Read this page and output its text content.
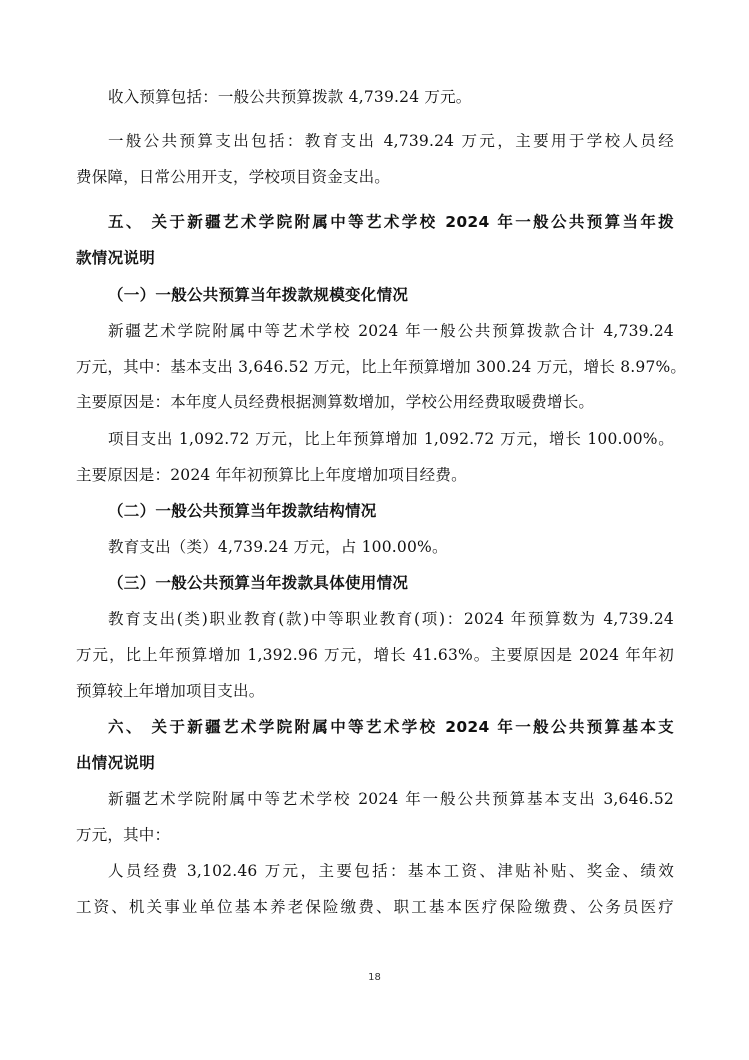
收入预算包括：一般公共预算拨款 4,739.24 万元。
一般公共预算支出包括：教育支出 4,739.24 万元，主要用于学校人员经
费保障，日常公用开支，学校项目资金支出。
五、 关于新疆艺术学院附属中等艺术学校 2024 年一般公共预算当年拨
款情况说明
（一）一般公共预算当年拨款规模变化情况
新疆艺术学院附属中等艺术学校 2024 年一般公共预算拨款合计 4,739.24
万元，其中：基本支出 3,646.52 万元，比上年预算增加 300.24 万元，增长 8.97%。
主要原因是：本年度人员经费根据测算数增加，学校公用经费取暖费增长。
项目支出 1,092.72 万元，比上年预算增加 1,092.72 万元，增长 100.00%。
主要原因是：2024 年年初预算比上年度增加项目经费。
（二）一般公共预算当年拨款结构情况
教育支出（类）4,739.24 万元，占 100.00%。
（三）一般公共预算当年拨款具体使用情况
教育支出(类)职业教育(款)中等职业教育(项)：2024 年预算数为 4,739.24
万元，比上年预算增加 1,392.96 万元，增长 41.63%。主要原因是 2024 年年初
预算较上年增加项目支出。
六、 关于新疆艺术学院附属中等艺术学校 2024 年一般公共预算基本支
出情况说明
新疆艺术学院附属中等艺术学校 2024 年一般公共预算基本支出 3,646.52
万元，其中：
人员经费 3,102.46 万元，主要包括：基本工资、津贴补贴、奖金、绩效
工资、机关事业单位基本养老保险缴费、职工基本医疗保险缴费、公务员医疗
18
